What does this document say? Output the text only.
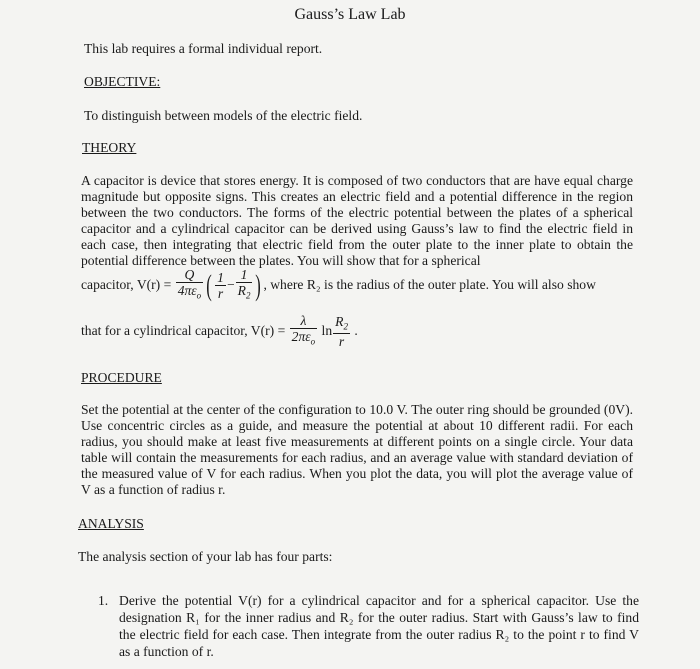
Gauss’s Law Lab
This lab requires a formal individual report.
OBJECTIVE:
To distinguish between models of the electric field.
THEORY
A capacitor is device that stores energy. It is composed of two conductors that are have equal charge magnitude but opposite signs. This creates an electric field and a potential difference in the region between the two conductors. The forms of the electric potential between the plates of a spherical capacitor and a cylindrical capacitor can be derived using Gauss’s law to find the electric field in each case, then integrating that electric field from the outer plate to the inner plate to obtain the potential difference between the plates. You will show that for a spherical
capacitor, $V(r) = \frac{Q}{4\pi\varepsilon_o}$ ( $\frac{1}{r} - \frac{1}{R_2}$ ) , where R₂ is the radius of the outer plate. You will also show
that for a cylindrical capacitor, $V(r) = \frac{\lambda}{2\pi\varepsilon_o}$ $\ln \frac{R_2}{r}$ .
PROCEDURE
Set the potential at the center of the configuration to 10.0 V. The outer ring should be grounded (0V). Use concentric circles as a guide, and measure the potential at about 10 different radii. For each radius, you should make at least five measurements at different points on a single circle. Your data table will contain the measurements for each radius, and an average value with standard deviation of the measured value of V for each radius. When you plot the data, you will plot the average value of V as a function of radius r.
ANALYSIS
The analysis section of your lab has four parts:
1. Derive the potential V(r) for a cylindrical capacitor and for a spherical capacitor. Use the designation R₁ for the inner radius and R₂ for the outer radius. Start with Gauss’s law to find the electric field for each case. Then integrate from the outer radius R₂ to the point r to find V as a function of r.
